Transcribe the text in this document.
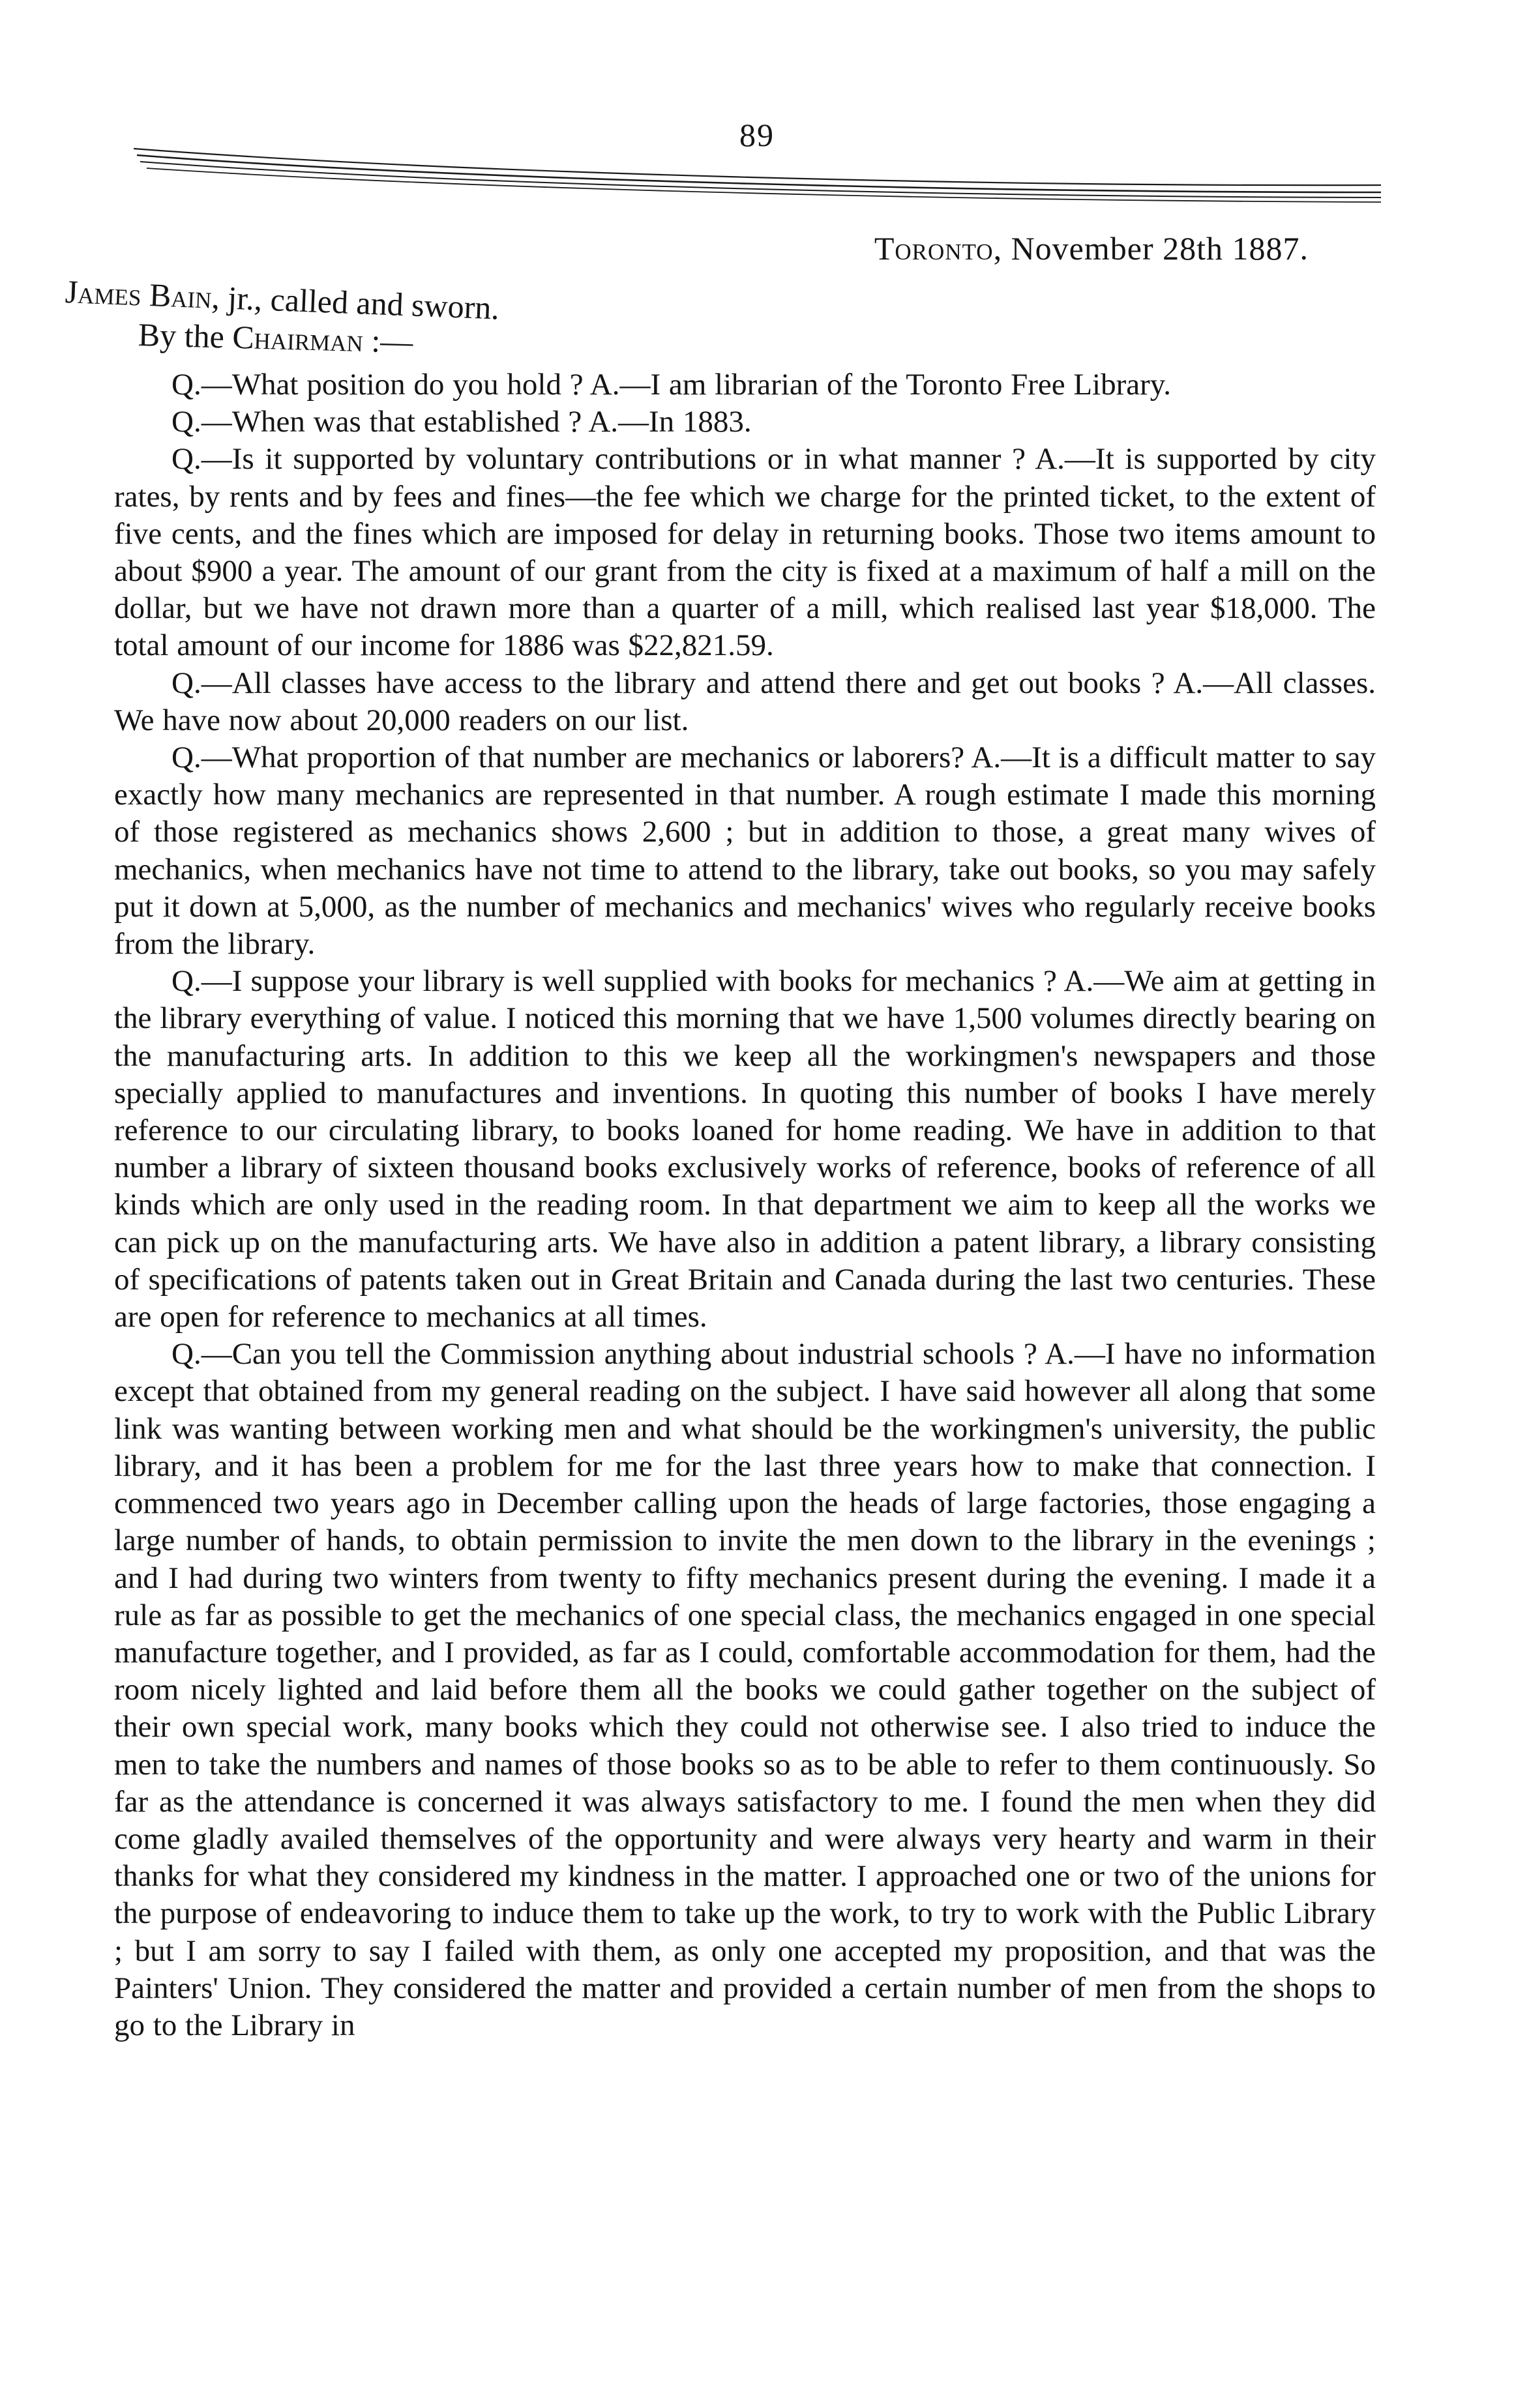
89
Toronto, November 28th 1887.
James Bain, jr., called and sworn.
By the Chairman :—

Q.—What position do you hold ? A.—I am librarian of the Toronto Free Library.

Q.—When was that established ? A.—In 1883.

Q.—Is it supported by voluntary contributions or in what manner ? A.—It is supported by city rates, by rents and by fees and fines—the fee which we charge for the printed ticket, to the extent of five cents, and the fines which are imposed for delay in returning books. Those two items amount to about $900 a year. The amount of our grant from the city is fixed at a maximum of half a mill on the dollar, but we have not drawn more than a quarter of a mill, which realised last year $18,000. The total amount of our income for 1886 was $22,821.59.

Q.—All classes have access to the library and attend there and get out books ? A.—All classes. We have now about 20,000 readers on our list.

Q.—What proportion of that number are mechanics or laborers? A.—It is a difficult matter to say exactly how many mechanics are represented in that number. A rough estimate I made this morning of those registered as mechanics shows 2,600 ; but in addition to those, a great many wives of mechanics, when mechanics have not time to attend to the library, take out books, so you may safely put it down at 5,000, as the number of mechanics and mechanics' wives who regularly receive books from the library.

Q.—I suppose your library is well supplied with books for mechanics ? A.—We aim at getting in the library everything of value. I noticed this morning that we have 1,500 volumes directly bearing on the manufacturing arts. In addition to this we keep all the workingmen's newspapers and those specially applied to manufactures and inventions. In quoting this number of books I have merely reference to our circulating library, to books loaned for home reading. We have in addition to that number a library of sixteen thousand books exclusively works of reference, books of reference of all kinds which are only used in the reading room. In that department we aim to keep all the works we can pick up on the manufacturing arts. We have also in addition a patent library, a library consisting of specifications of patents taken out in Great Britain and Canada during the last two centuries. These are open for reference to mechanics at all times.

Q.—Can you tell the Commission anything about industrial schools ? A.—I have no information except that obtained from my general reading on the subject. I have said however all along that some link was wanting between working men and what should be the workingmen's university, the public library, and it has been a problem for me for the last three years how to make that connection. I commenced two years ago in December calling upon the heads of large factories, those engaging a large number of hands, to obtain permission to invite the men down to the library in the evenings ; and I had during two winters from twenty to fifty mechanics present during the evening. I made it a rule as far as possible to get the mechanics of one special class, the mechanics engaged in one special manufacture together, and I provided, as far as I could, comfortable accommodation for them, had the room nicely lighted and laid before them all the books we could gather together on the subject of their own special work, many books which they could not otherwise see. I also tried to induce the men to take the numbers and names of those books so as to be able to refer to them continuously. So far as the attendance is concerned it was always satisfactory to me. I found the men when they did come gladly availed themselves of the opportunity and were always very hearty and warm in their thanks for what they considered my kindness in the matter. I approached one or two of the unions for the purpose of endeavoring to induce them to take up the work, to try to work with the Public Library ; but I am sorry to say I failed with them, as only one accepted my proposition, and that was the Painters' Union. They considered the matter and provided a certain number of men from the shops to go to the Library in
